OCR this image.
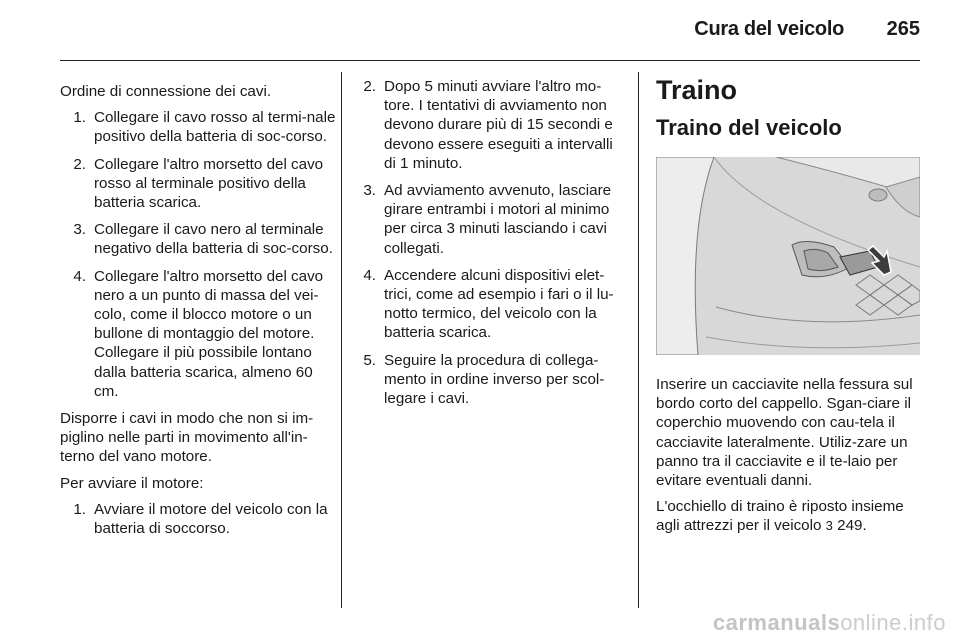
Cura del veicolo 265

Ordine di connessione dei cavi.

1. Collegare il cavo rosso al termi-nale positivo della batteria di soc-corso.
2. Collegare l'altro morsetto del cavo rosso al terminale positivo della batteria scarica.
3. Collegare il cavo nero al terminale negativo della batteria di soc-corso.
4. Collegare l'altro morsetto del cavo nero a un punto di massa del vei-colo, come il blocco motore o un bullone di montaggio del motore. Collegare il più possibile lontano dalla batteria scarica, almeno 60 cm.

Disporre i cavi in modo che non si im-piglino nelle parti in movimento all'in-terno del vano motore.

Per avviare il motore:

1. Avviare il motore del veicolo con la batteria di soccorso.
2. Dopo 5 minuti avviare l'altro mo-tore. I tentativi di avviamento non devono durare più di 15 secondi e devono essere eseguiti a intervalli di 1 minuto.
3. Ad avviamento avvenuto, lasciare girare entrambi i motori al minimo per circa 3 minuti lasciando i cavi collegati.
4. Accendere alcuni dispositivi elet-trici, come ad esempio i fari o il lu-notto termico, del veicolo con la batteria scarica.
5. Seguire la procedura di collega-mento in ordine inverso per scol-legare i cavi.
Traino
Traino del veicolo

Inserire un cacciavite nella fessura sul bordo corto del cappello. Sgan-ciare il coperchio muovendo con cau-tela il cacciavite lateralmente. Utiliz-zare un panno tra il cacciavite e il te-laio per evitare eventuali danni.

L'occhiello di traino è riposto insieme agli attrezzi per il veicolo 3 249.

carmanualsonline.info
